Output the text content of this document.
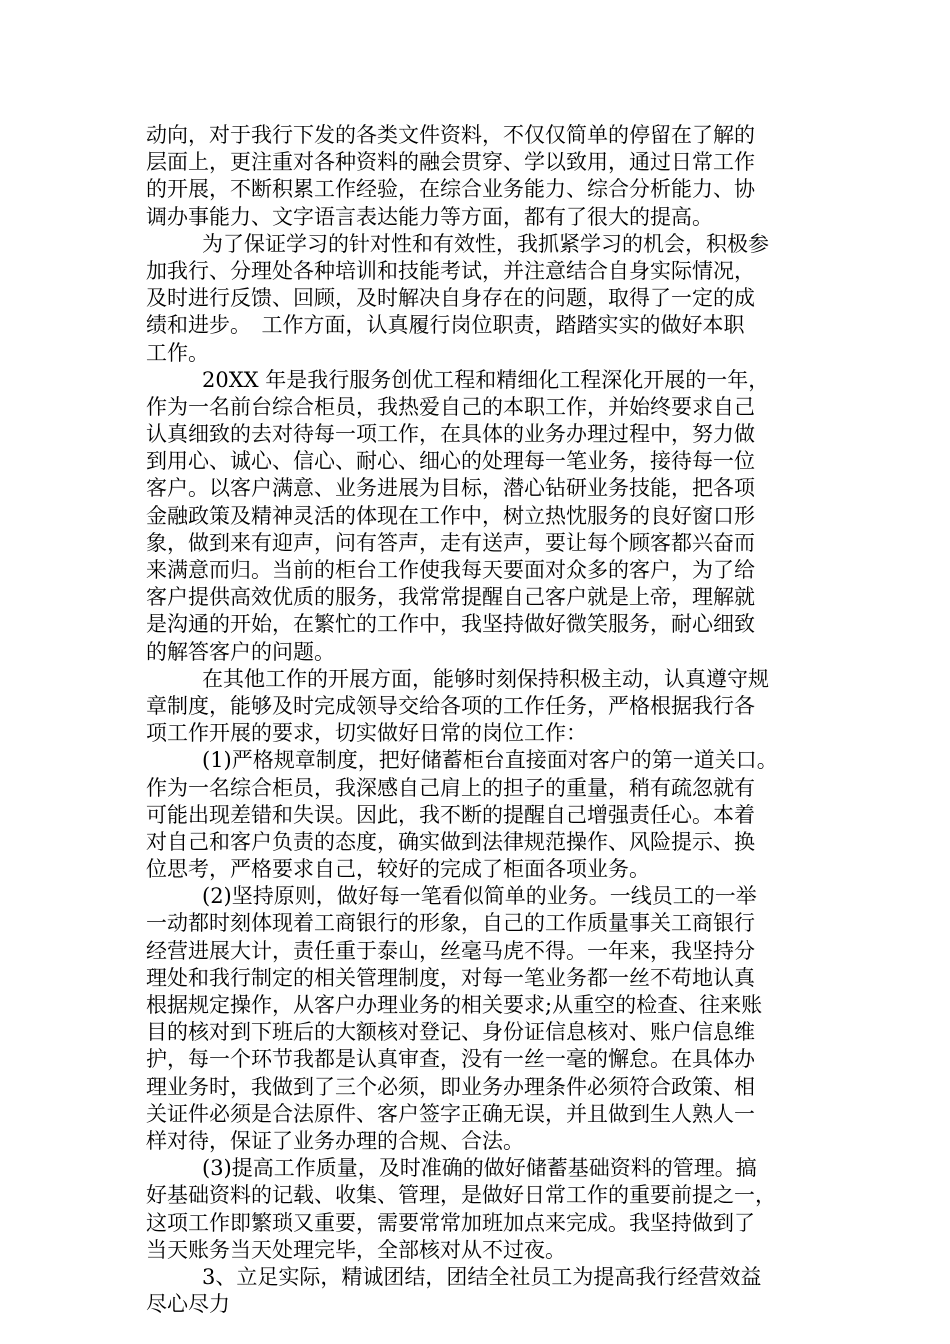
动向，对于我行下发的各类文件资料，不仅仅简单的停留在了解的
层面上，更注重对各种资料的融会贯穿、学以致用，通过日常工作
的开展，不断积累工作经验，在综合业务能力、综合分析能力、协
调办事能力、文字语言表达能力等方面，都有了很大的提高。
为了保证学习的针对性和有效性，我抓紧学习的机会，积极参
加我行、分理处各种培训和技能考试，并注意结合自身实际情况，
及时进行反馈、回顾，及时解决自身存在的问题，取得了一定的成
绩和进步。　工作方面，认真履行岗位职责，踏踏实实的做好本职
工作。
20XX 年是我行服务创优工程和精细化工程深化开展的一年，
作为一名前台综合柜员，我热爱自己的本职工作，并始终要求自己
认真细致的去对待每一项工作，在具体的业务办理过程中，努力做
到用心、诚心、信心、耐心、细心的处理每一笔业务，接待每一位
客户。以客户满意、业务进展为目标，潜心钻研业务技能，把各项
金融政策及精神灵活的体现在工作中，树立热忱服务的良好窗口形
象，做到来有迎声，问有答声，走有送声，要让每个顾客都兴奋而
来满意而归。当前的柜台工作使我每天要面对众多的客户，为了给
客户提供高效优质的服务，我常常提醒自己客户就是上帝，理解就
是沟通的开始，在繁忙的工作中，我坚持做好微笑服务，耐心细致
的解答客户的问题。
在其他工作的开展方面，能够时刻保持积极主动，认真遵守规
章制度，能够及时完成领导交给各项的工作任务，严格根据我行各
项工作开展的要求，切实做好日常的岗位工作：
(1)严格规章制度，把好储蓄柜台直接面对客户的第一道关口。
作为一名综合柜员，我深感自己肩上的担子的重量，稍有疏忽就有
可能出现差错和失误。因此，我不断的提醒自己增强责任心。本着
对自己和客户负责的态度，确实做到法律规范操作、风险提示、换
位思考，严格要求自己，较好的完成了柜面各项业务。
(2)坚持原则，做好每一笔看似简单的业务。一线员工的一举
一动都时刻体现着工商银行的形象，自己的工作质量事关工商银行
经营进展大计，责任重于泰山，丝毫马虎不得。一年来，我坚持分
理处和我行制定的相关管理制度，对每一笔业务都一丝不苟地认真
根据规定操作，从客户办理业务的相关要求;从重空的检查、往来账
目的核对到下班后的大额核对登记、身份证信息核对、账户信息维
护，每一个环节我都是认真审查，没有一丝一毫的懈怠。在具体办
理业务时，我做到了三个必须，即业务办理条件必须符合政策、相
关证件必须是合法原件、客户签字正确无误，并且做到生人熟人一
样对待，保证了业务办理的合规、合法。
(3)提高工作质量，及时准确的做好储蓄基础资料的管理。搞
好基础资料的记载、收集、管理，是做好日常工作的重要前提之一，
这项工作即繁琐又重要，需要常常加班加点来完成。我坚持做到了
当天账务当天处理完毕，全部核对从不过夜。
3、立足实际，精诚团结，团结全社员工为提高我行经营效益
尽心尽力
